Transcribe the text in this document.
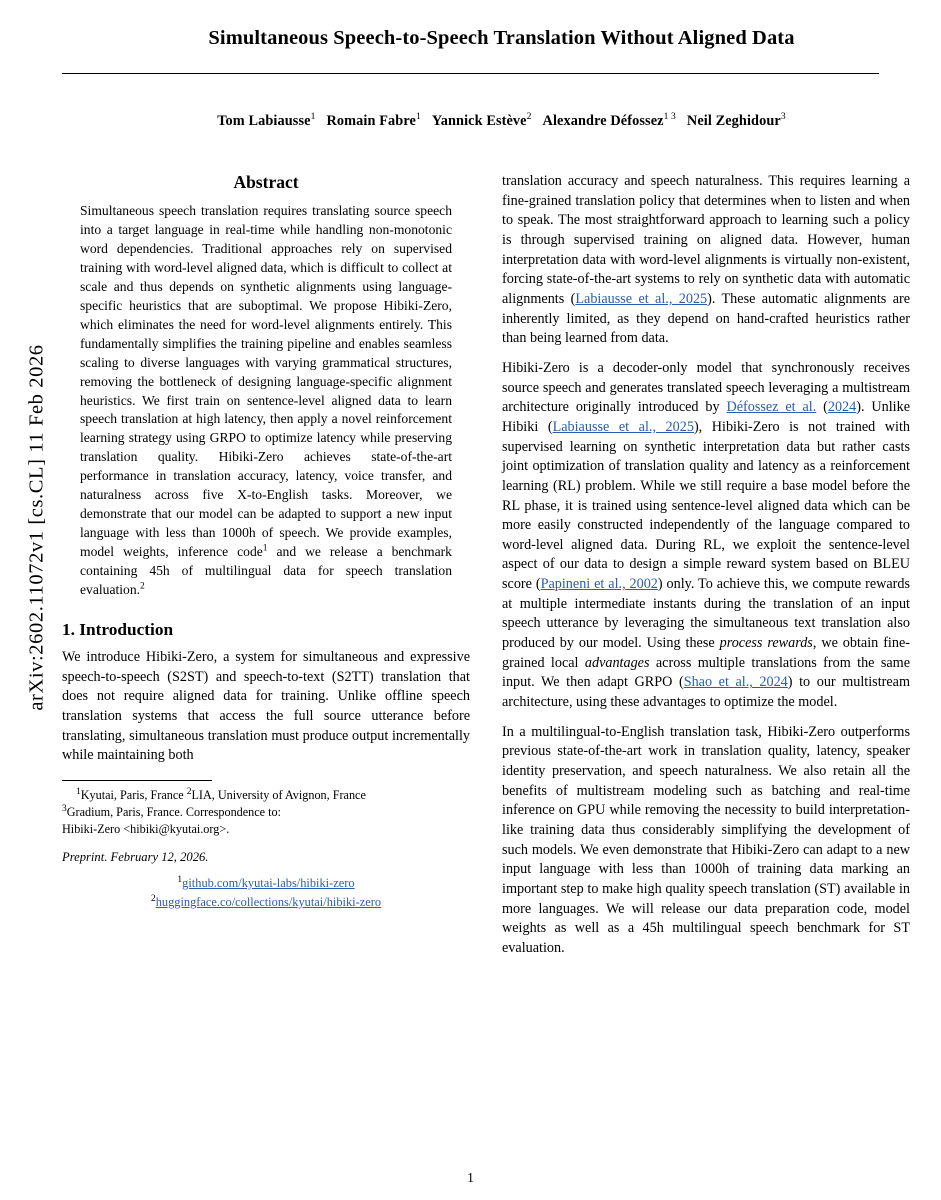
arXiv:2602.11072v1 [cs.CL] 11 Feb 2026
Simultaneous Speech-to-Speech Translation Without Aligned Data
Tom Labiausse$^1$ Romain Fabre$^1$ Yannick Estève$^2$ Alexandre Défossez$^{1 3}$ Neil Zeghidour$^3$
Abstract

Simultaneous speech translation requires translating source speech into a target language in real-time while handling non-monotonic word dependencies. Traditional approaches rely on supervised training with word-level aligned data, which is difficult to collect at scale and thus depends on synthetic alignments using language-specific heuristics that are suboptimal. We propose Hibiki-Zero, which eliminates the need for word-level alignments entirely. This fundamentally simplifies the training pipeline and enables seamless scaling to diverse languages with varying grammatical structures, removing the bottleneck of designing language-specific alignment heuristics. We first train on sentence-level aligned data to learn speech translation at high latency, then apply a novel reinforcement learning strategy using GRPO to optimize latency while preserving translation quality. Hibiki-Zero achieves state-of-the-art performance in translation accuracy, latency, voice transfer, and naturalness across five X-to-English tasks. Moreover, we demonstrate that our model can be adapted to support a new input language with less than 1000h of speech. We provide examples, model weights, inference code$^1$ and we release a benchmark containing 45h of multilingual data for speech translation evaluation.$^2$

1. Introduction

We introduce Hibiki-Zero, a system for simultaneous and expressive speech-to-speech (S2ST) and speech-to-text (S2TT) translation that does not require aligned data for training. Unlike offline speech translation systems that access the full source utterance before translating, simultaneous translation must produce output incrementally while maintaining both

$^1$Kyutai, Paris, France $^2$LIA, University of Avignon, France
$^3$Gradium, Paris, France. Correspondence to:
Hibiki-Zero <hibiki@kyutai.org>.
Preprint. February 12, 2026.
$^1$github.com/kyutai-labs/hibiki-zero
$^2$huggingface.co/collections/kyutai/hibiki-zero

translation accuracy and speech naturalness. This requires learning a fine-grained translation policy that determines when to listen and when to speak. The most straightforward approach to learning such a policy is through supervised training on aligned data. However, human interpretation data with word-level alignments is virtually non-existent, forcing state-of-the-art systems to rely on synthetic data with automatic alignments (Labiausse et al., 2025). These automatic alignments are inherently limited, as they depend on hand-crafted heuristics rather than being learned from data.

Hibiki-Zero is a decoder-only model that synchronously receives source speech and generates translated speech leveraging a multistream architecture originally introduced by Défossez et al. (2024). Unlike Hibiki (Labiausse et al., 2025), Hibiki-Zero is not trained with supervised learning on synthetic interpretation data but rather casts joint optimization of translation quality and latency as a reinforcement learning (RL) problem. While we still require a base model before the RL phase, it is trained using sentence-level aligned data which can be more easily constructed independently of the language compared to word-level aligned data. During RL, we exploit the sentence-level aspect of our data to design a simple reward system based on BLEU score (Papineni et al., 2002) only. To achieve this, we compute rewards at multiple intermediate instants during the translation of an input speech utterance by leveraging the simultaneous text translation also produced by our model. Using these process rewards, we obtain fine-grained local advantages across multiple translations from the same input. We then adapt GRPO (Shao et al., 2024) to our multistream architecture, using these advantages to optimize the model.

In a multilingual-to-English translation task, Hibiki-Zero outperforms previous state-of-the-art work in translation quality, latency, speaker identity preservation, and speech naturalness. We also retain all the benefits of multistream modeling such as batching and real-time inference on GPU while removing the necessity to build interpretation-like training data thus considerably simplifying the development of such models. We even demonstrate that Hibiki-Zero can adapt to a new input language with less than 1000h of training data marking an important step to make high quality speech translation (ST) available in more languages. We will release our data preparation code, model weights as well as a 45h multilingual speech benchmark for ST evaluation.

1
